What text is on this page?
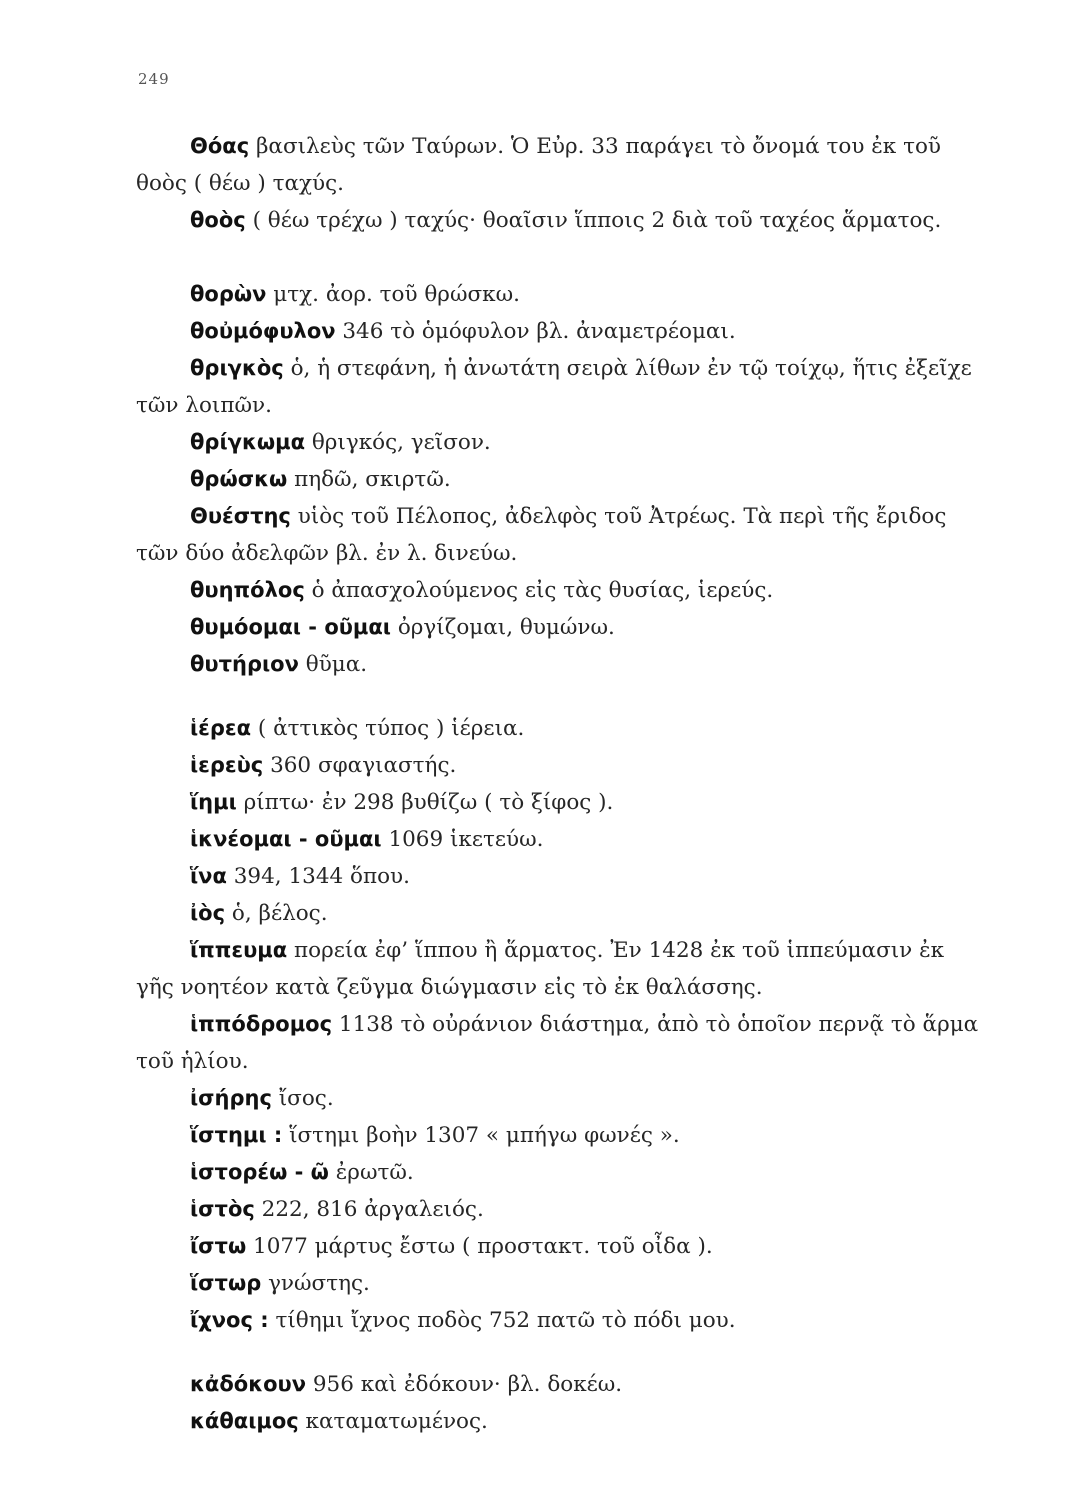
249

Θόας βασιλεὺς τῶν Ταύρων. Ὁ Εὐρ. 33 παράγει τὸ ὄνομά του ἐκ τοῦ θοὸς ( θέω ) ταχύς.

θοὸς ( θέω τρέχω ) ταχύς· θοαῖσιν ἵπποις 2 διὰ τοῦ ταχέος ἅρματος.

θορὼν μτχ. ἀορ. τοῦ θρώσκω.

θοὐμόφυλον 346 τὸ ὁμόφυλον βλ. ἀναμετρέομαι.

θριγκὸς ὁ, ἡ στεφάνη, ἡ ἀνωτάτη σειρὰ λίθων ἐν τῷ τοίχῳ, ἥτις ἐξεῖχε τῶν λοιπῶν.

θρίγκωμα θριγκός, γεῖσον.

θρώσκω πηδῶ, σκιρτῶ.

Θυέστης υἱὸς τοῦ Πέλοπος, ἀδελφὸς τοῦ Ἀτρέως. Τὰ περὶ τῆς ἔριδος τῶν δύο ἀδελφῶν βλ. ἐν λ. δινεύω.

θυηπόλος ὁ ἀπασχολούμενος εἰς τὰς θυσίας, ἱερεύς.

θυμόομαι - οῦμαι ὀργίζομαι, θυμώνω.

θυτήριον θῦμα.

ἱέρεα ( ἀττικὸς τύπος ) ἱέρεια.

ἱερεὺς 360 σφαγιαστής.

ἵημι ρίπτω· ἐν 298 βυθίζω ( τὸ ξίφος ).

ἱκνέομαι - οῦμαι 1069 ἱκετεύω.

ἵνα 394, 1344 ὅπου.

ἰὸς ὁ, βέλος.

ἵππευμα πορεία ἐφ’ ἵππου ἢ ἅρματος. Ἐν 1428 ἐκ τοῦ ἱππεύμασιν ἐκ γῆς νοητέον κατὰ ζεῦγμα διώγμασιν εἰς τὸ ἐκ θαλάσσης.

ἱππόδρομος 1138 τὸ οὐράνιον διάστημα, ἀπὸ τὸ ὁποῖον περνᾷ τὸ ἅρμα τοῦ ἡλίου.

ἰσήρης ἴσος.

ἵστημι : ἵστημι βοὴν 1307 « μπήγω φωνές ».

ἱστορέω - ῶ ἐρωτῶ.

ἱστὸς 222, 816 ἀργαλειός.

ἴστω 1077 μάρτυς ἔστω ( προστακτ. τοῦ οἶδα ).

ἵστωρ γνώστης.

ἴχνος : τίθημι ἴχνος ποδὸς 752 πατῶ τὸ πόδι μου.

κἀδόκουν 956 καὶ ἐδόκουν· βλ. δοκέω.

κάθαιμος καταματωμένος.
